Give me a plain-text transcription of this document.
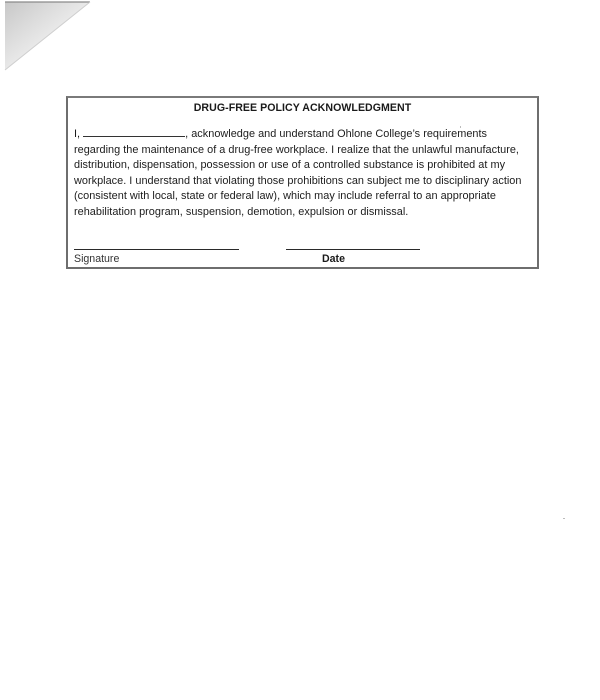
DRUG-FREE POLICY ACKNOWLEDGMENT
I,	, acknowledge and understand Ohlone College’s requirements regarding the maintenance of a drug-free workplace. I realize that the unlawful manufacture, distribution, dispensation, possession or use of a controlled substance is prohibited at my workplace. I understand that violating those prohibitions can subject me to disciplinary action (consistent with local, state or federal law), which may include referral to an appropriate rehabilitation program, suspension, demotion, expulsion or dismissal.
Signature	Date
